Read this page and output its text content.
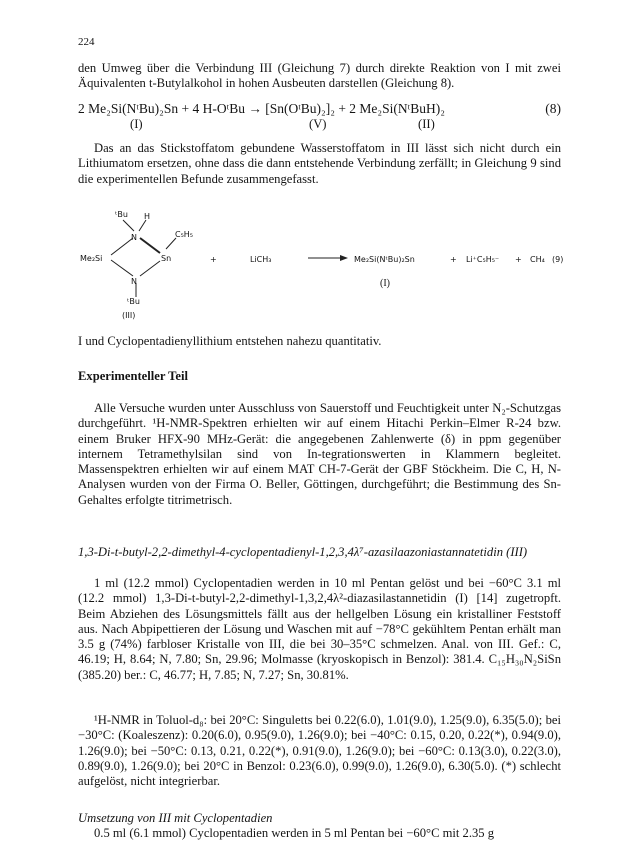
224

den Umweg über die Verbindung III (Gleichung 7) durch direkte Reaktion von I mit zwei Äquivalenten t-Butylalkohol in hohen Ausbeuten darstellen (Gleichung 8).

2 Me₂Si(NᵗBu)₂Sn + 4 H-OᵗBu → [Sn(OᵗBu)₂]₂ + 2 Me₂Si(NᵗBuH)₂	(8)
(I)	(V)	(II)

Das an das Stickstoffatom gebundene Wasserstoffatom in III lässt sich nicht durch ein Lithiumatom ersetzen, ohne dass die dann entstehende Verbindung zerfällt; in Gleichung 9 sind die experimentellen Befunde zusammengefasst.

ᵗBu H
C₅H₅
N
Me₂Si	Sn
N
ᵗBu
(III)
+	LiCH₃	Me₂Si(NᵗBu)₂Sn
(I)
+ Li⁺C₅H₅⁻ + CH₄ (9)

I und Cyclopentadienyllithium entstehen nahezu quantitativ.

Experimenteller Teil

Alle Versuche wurden unter Ausschluss von Sauerstoff und Feuchtigkeit unter N₂-Schutzgas durchgeführt. ¹H-NMR-Spektren erhielten wir auf einem Hitachi Perkin–Elmer R-24 bzw. einem Bruker HFX-90 MHz-Gerät: die angegebenen Zahlenwerte (δ) in ppm gegenüber internem Tetramethylsilan sind von In-tegrationswerten in Klammern begleitet. Massenspektren erhielten wir auf einem MAT CH-7-Gerät der GBF Stöckheim. Die C, H, N-Analysen wurden von der Firma O. Beller, Göttingen, durchgeführt; die Bestimmung des Sn-Gehaltes erfolgte titrimetrisch.

1,3-Di-t-butyl-2,2-dimethyl-4-cyclopentadienyl-1,2,3,4λ⁷-azasilaazoniastannatetidin (III)

1 ml (12.2 mmol) Cyclopentadien werden in 10 ml Pentan gelöst und bei −60°C 3.1 ml (12.2 mmol) 1,3-Di-t-butyl-2,2-dimethyl-1,3,2,4λ²-diazasilastannetidin (I) [14] zugetropft. Beim Abziehen des Lösungsmittels fällt aus der hellgelben Lösung ein kristalliner Feststoff aus. Nach Abpipettieren der Lösung und Waschen mit auf −78°C gekühltem Pentan erhält man 3.5 g (74%) farbloser Kristalle von III, die bei 30–35°C schmelzen. Anal. von III. Gef.: C, 46.19; H, 8.64; N, 7.80; Sn, 29.96; Molmasse (kryoskopisch in Benzol): 381.4. C₁₅H₃₀N₂SiSn (385.20) ber.: C, 46.77; H, 7.85; N, 7.27; Sn, 30.81%.

¹H-NMR in Toluol-d₈: bei 20°C: Singuletts bei 0.22(6.0), 1.01(9.0), 1.25(9.0), 6.35(5.0); bei −30°C: (Koaleszenz): 0.20(6.0), 0.95(9.0), 1.26(9.0); bei −40°C: 0.15, 0.20, 0.22(*), 0.94(9.0), 1.26(9.0); bei −50°C: 0.13, 0.21, 0.22(*), 0.91(9.0), 1.26(9.0); bei −60°C: 0.13(3.0), 0.22(3.0), 0.89(9.0), 1.26(9.0); bei 20°C in Benzol: 0.23(6.0), 0.99(9.0), 1.26(9.0), 6.30(5.0). (*) schlecht aufgelöst, nicht integrierbar.

Umsetzung von III mit Cyclopentadien

0.5 ml (6.1 mmol) Cyclopentadien werden in 5 ml Pentan bei −60°C mit 2.35 g
